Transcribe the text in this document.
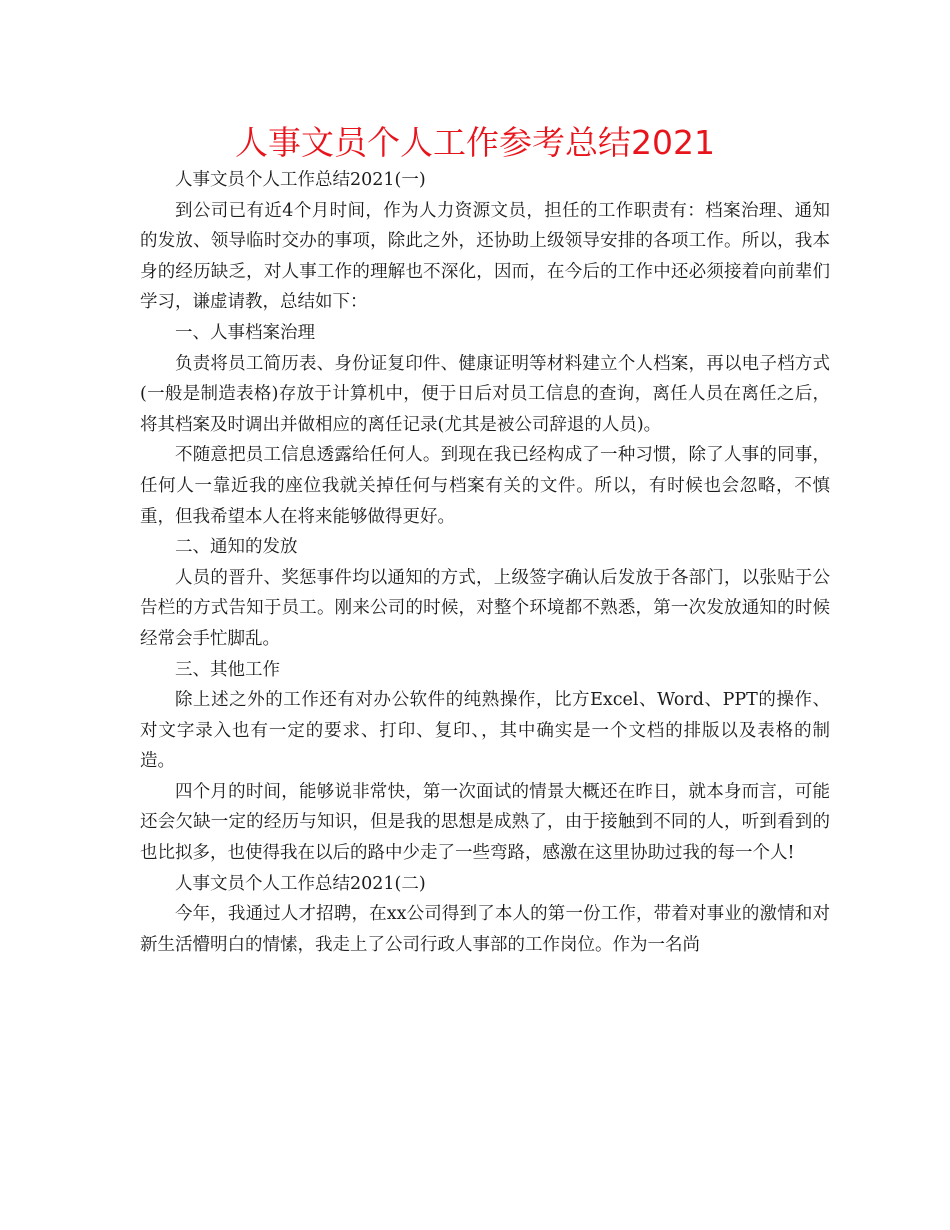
人事文员个人工作参考总结2021

人事文员个人工作总结2021(一)

到公司已有近4个月时间，作为人力资源文员，担任的工作职责有：档案治理、通知的发放、领导临时交办的事项，除此之外，还协助上级领导安排的各项工作。所以，我本身的经历缺乏，对人事工作的理解也不深化，因而，在今后的工作中还必须接着向前辈们学习，谦虚请教，总结如下：

一、人事档案治理

负责将员工简历表、身份证复印件、健康证明等材料建立个人档案，再以电子档方式(一般是制造表格)存放于计算机中，便于日后对员工信息的查询，离任人员在离任之后，将其档案及时调出并做相应的离任记录(尤其是被公司辞退的人员)。

不随意把员工信息透露给任何人。到现在我已经构成了一种习惯，除了人事的同事，任何人一靠近我的座位我就关掉任何与档案有关的文件。所以，有时候也会忽略，不慎重，但我希望本人在将来能够做得更好。

二、通知的发放

人员的晋升、奖惩事件均以通知的方式，上级签字确认后发放于各部门，以张贴于公告栏的方式告知于员工。刚来公司的时候，对整个环境都不熟悉，第一次发放通知的时候经常会手忙脚乱。

三、其他工作

除上述之外的工作还有对办公软件的纯熟操作，比方Excel、Word、PPT的操作、对文字录入也有一定的要求、打印、复印、，其中确实是一个文档的排版以及表格的制造。

四个月的时间，能够说非常快，第一次面试的情景大概还在昨日，就本身而言，可能还会欠缺一定的经历与知识，但是我的思想是成熟了，由于接触到不同的人，听到看到的也比拟多，也使得我在以后的路中少走了一些弯路，感激在这里协助过我的每一个人!

人事文员个人工作总结2021(二)

今年，我通过人才招聘，在xx公司得到了本人的第一份工作，带着对事业的激情和对新生活懵明白的情愫，我走上了公司行政人事部的工作岗位。作为一名尚
